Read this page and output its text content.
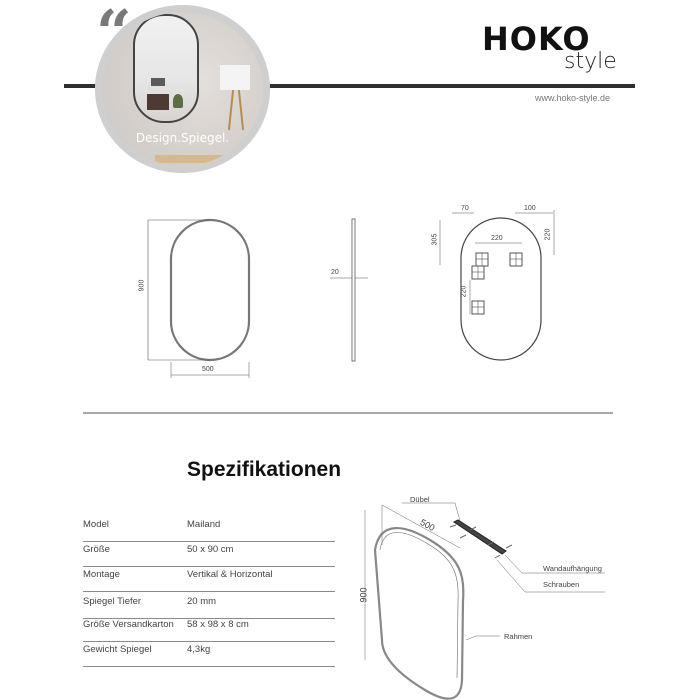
Design.Spiegel.
“	HOKO
style
www.hoko-style.de
900
500
20
70	100
220
305	220
220
Spezifikationen
Model	Mailand
Größe	50 x 90 cm
Montage	Vertikal & Horizontal
Spiegel Tiefer	20 mm
Größe Versandkarton 58 x 98 x 8 cm
Gewicht Spiegel	4,3kg
500
900
Dübel
Wandaufhängung
Schrauben
Rahmen
